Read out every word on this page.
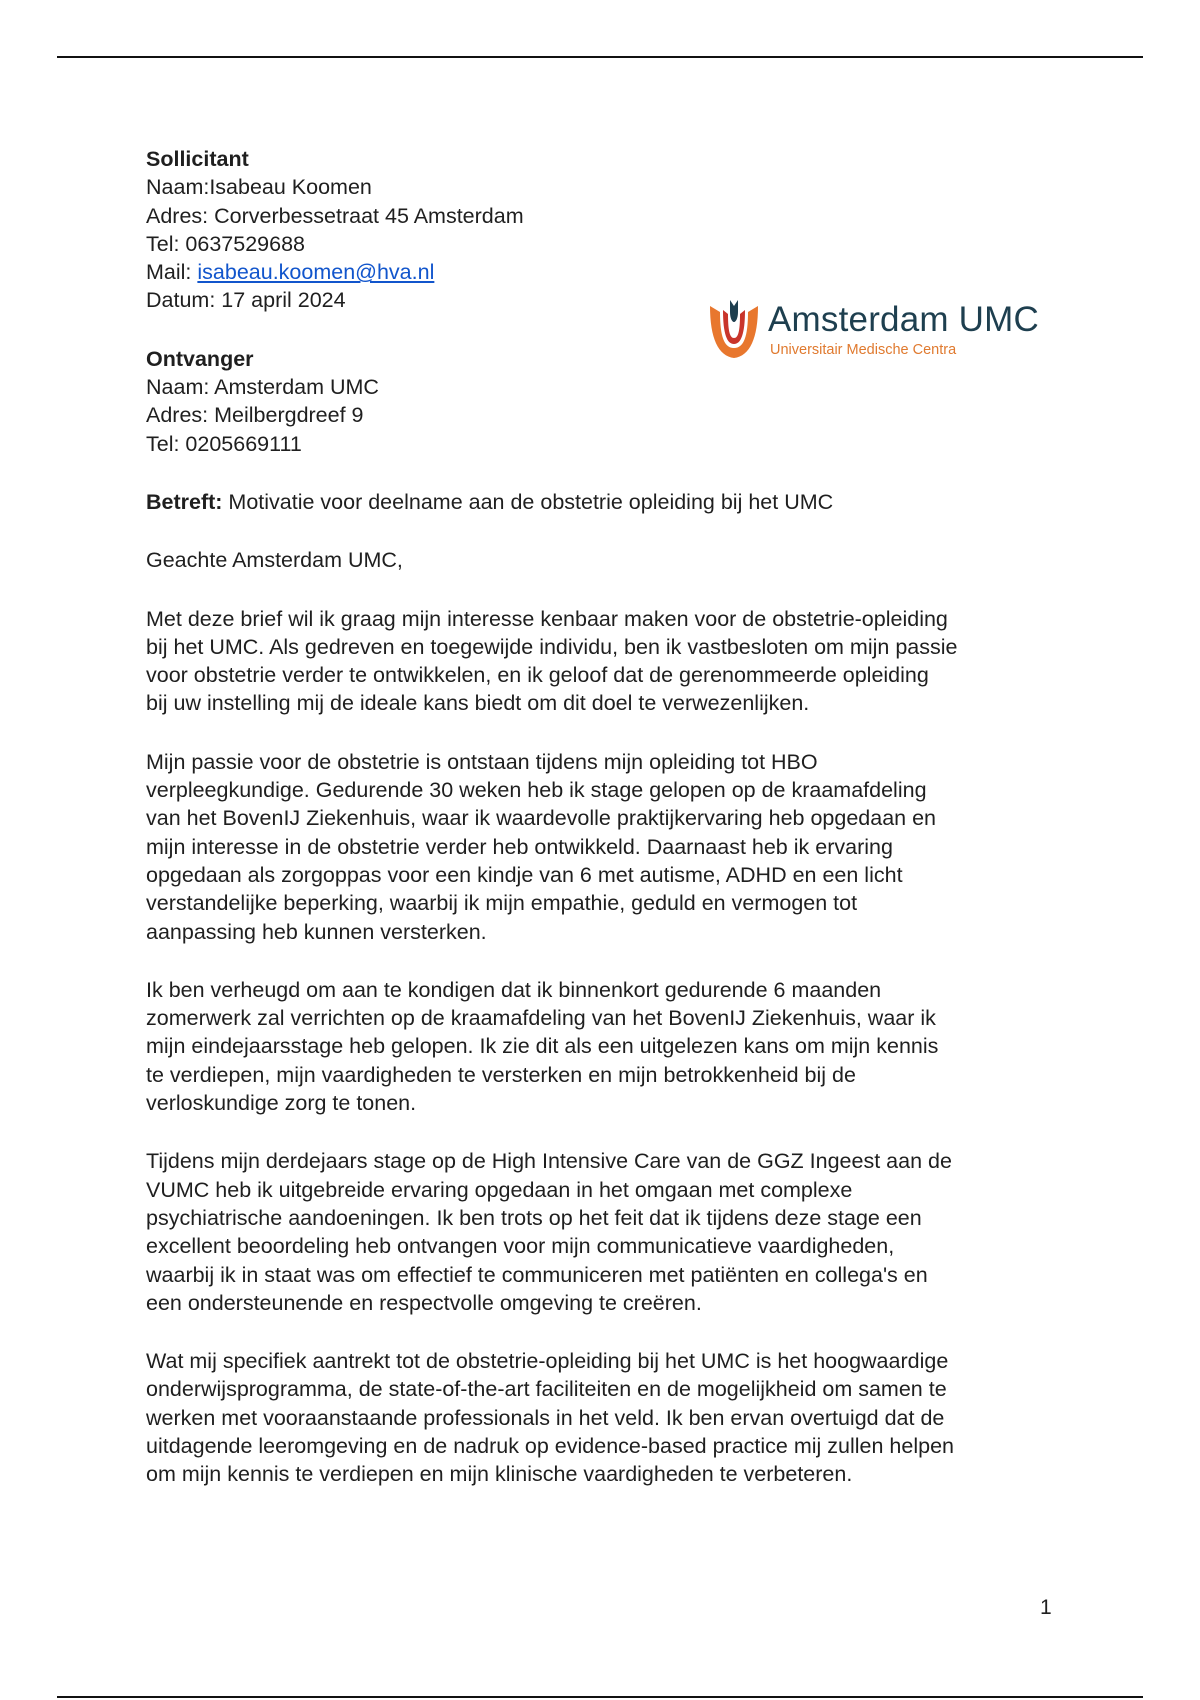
Amsterdam UMC
Universitair Medische Centra
Sollicitant
Naam:Isabeau Koomen
Adres: Corverbessetraat 45 Amsterdam
Tel: 0637529688
Mail: isabeau.koomen@hva.nl
Datum: 17 april 2024
Ontvanger
Naam: Amsterdam UMC
Adres: Meilbergdreef 9
Tel: 0205669111
Betreft: Motivatie voor deelname aan de obstetrie opleiding bij het UMC
Geachte Amsterdam UMC,
Met deze brief wil ik graag mijn interesse kenbaar maken voor de obstetrie-opleiding
bij het UMC. Als gedreven en toegewijde individu, ben ik vastbesloten om mijn passie
voor obstetrie verder te ontwikkelen, en ik geloof dat de gerenommeerde opleiding
bij uw instelling mij de ideale kans biedt om dit doel te verwezenlijken.
Mijn passie voor de obstetrie is ontstaan tijdens mijn opleiding tot HBO
verpleegkundige. Gedurende 30 weken heb ik stage gelopen op de kraamafdeling
van het BovenIJ Ziekenhuis, waar ik waardevolle praktijkervaring heb opgedaan en
mijn interesse in de obstetrie verder heb ontwikkeld. Daarnaast heb ik ervaring
opgedaan als zorgoppas voor een kindje van 6 met autisme, ADHD en een licht
verstandelijke beperking, waarbij ik mijn empathie, geduld en vermogen tot
aanpassing heb kunnen versterken.
Ik ben verheugd om aan te kondigen dat ik binnenkort gedurende 6 maanden
zomerwerk zal verrichten op de kraamafdeling van het BovenIJ Ziekenhuis, waar ik
mijn eindejaarsstage heb gelopen. Ik zie dit als een uitgelezen kans om mijn kennis
te verdiepen, mijn vaardigheden te versterken en mijn betrokkenheid bij de
verloskundige zorg te tonen.
Tijdens mijn derdejaars stage op de High Intensive Care van de GGZ Ingeest aan de
VUMC heb ik uitgebreide ervaring opgedaan in het omgaan met complexe
psychiatrische aandoeningen. Ik ben trots op het feit dat ik tijdens deze stage een
excellent beoordeling heb ontvangen voor mijn communicatieve vaardigheden,
waarbij ik in staat was om effectief te communiceren met patiënten en collega's en
een ondersteunende en respectvolle omgeving te creëren.
Wat mij specifiek aantrekt tot de obstetrie-opleiding bij het UMC is het hoogwaardige
onderwijsprogramma, de state-of-the-art faciliteiten en de mogelijkheid om samen te
werken met vooraanstaande professionals in het veld. Ik ben ervan overtuigd dat de
uitdagende leeromgeving en de nadruk op evidence-based practice mij zullen helpen
om mijn kennis te verdiepen en mijn klinische vaardigheden te verbeteren.
1
